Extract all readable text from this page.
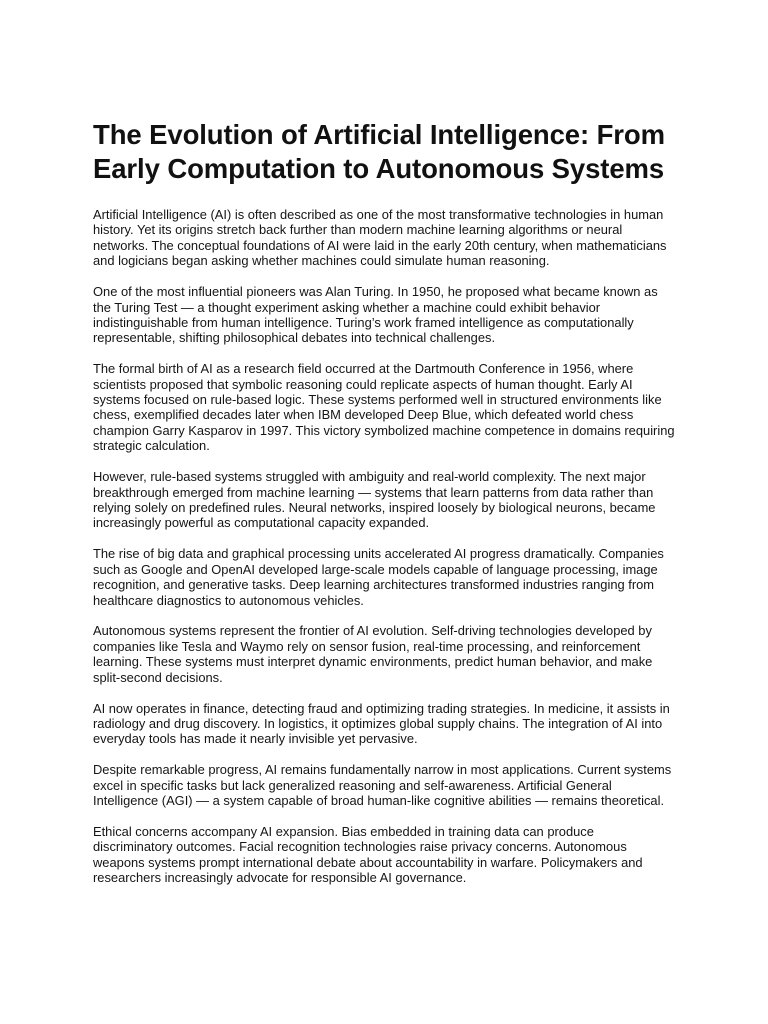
The Evolution of Artificial Intelligence: From Early Computation to Autonomous Systems

Artificial Intelligence (AI) is often described as one of the most transformative technologies in human history. Yet its origins stretch back further than modern machine learning algorithms or neural networks. The conceptual foundations of AI were laid in the early 20th century, when mathematicians and logicians began asking whether machines could simulate human reasoning.

One of the most influential pioneers was Alan Turing. In 1950, he proposed what became known as the Turing Test — a thought experiment asking whether a machine could exhibit behavior indistinguishable from human intelligence. Turing’s work framed intelligence as computationally representable, shifting philosophical debates into technical challenges.

The formal birth of AI as a research field occurred at the Dartmouth Conference in 1956, where scientists proposed that symbolic reasoning could replicate aspects of human thought. Early AI systems focused on rule-based logic. These systems performed well in structured environments like chess, exemplified decades later when IBM developed Deep Blue, which defeated world chess champion Garry Kasparov in 1997. This victory symbolized machine competence in domains requiring strategic calculation.

However, rule-based systems struggled with ambiguity and real-world complexity. The next major breakthrough emerged from machine learning — systems that learn patterns from data rather than relying solely on predefined rules. Neural networks, inspired loosely by biological neurons, became increasingly powerful as computational capacity expanded.

The rise of big data and graphical processing units accelerated AI progress dramatically. Companies such as Google and OpenAI developed large-scale models capable of language processing, image recognition, and generative tasks. Deep learning architectures transformed industries ranging from healthcare diagnostics to autonomous vehicles.

Autonomous systems represent the frontier of AI evolution. Self-driving technologies developed by companies like Tesla and Waymo rely on sensor fusion, real-time processing, and reinforcement learning. These systems must interpret dynamic environments, predict human behavior, and make split-second decisions.

AI now operates in finance, detecting fraud and optimizing trading strategies. In medicine, it assists in radiology and drug discovery. In logistics, it optimizes global supply chains. The integration of AI into everyday tools has made it nearly invisible yet pervasive.

Despite remarkable progress, AI remains fundamentally narrow in most applications. Current systems excel in specific tasks but lack generalized reasoning and self-awareness. Artificial General Intelligence (AGI) — a system capable of broad human-like cognitive abilities — remains theoretical.

Ethical concerns accompany AI expansion. Bias embedded in training data can produce discriminatory outcomes. Facial recognition technologies raise privacy concerns. Autonomous weapons systems prompt international debate about accountability in warfare. Policymakers and researchers increasingly advocate for responsible AI governance.
